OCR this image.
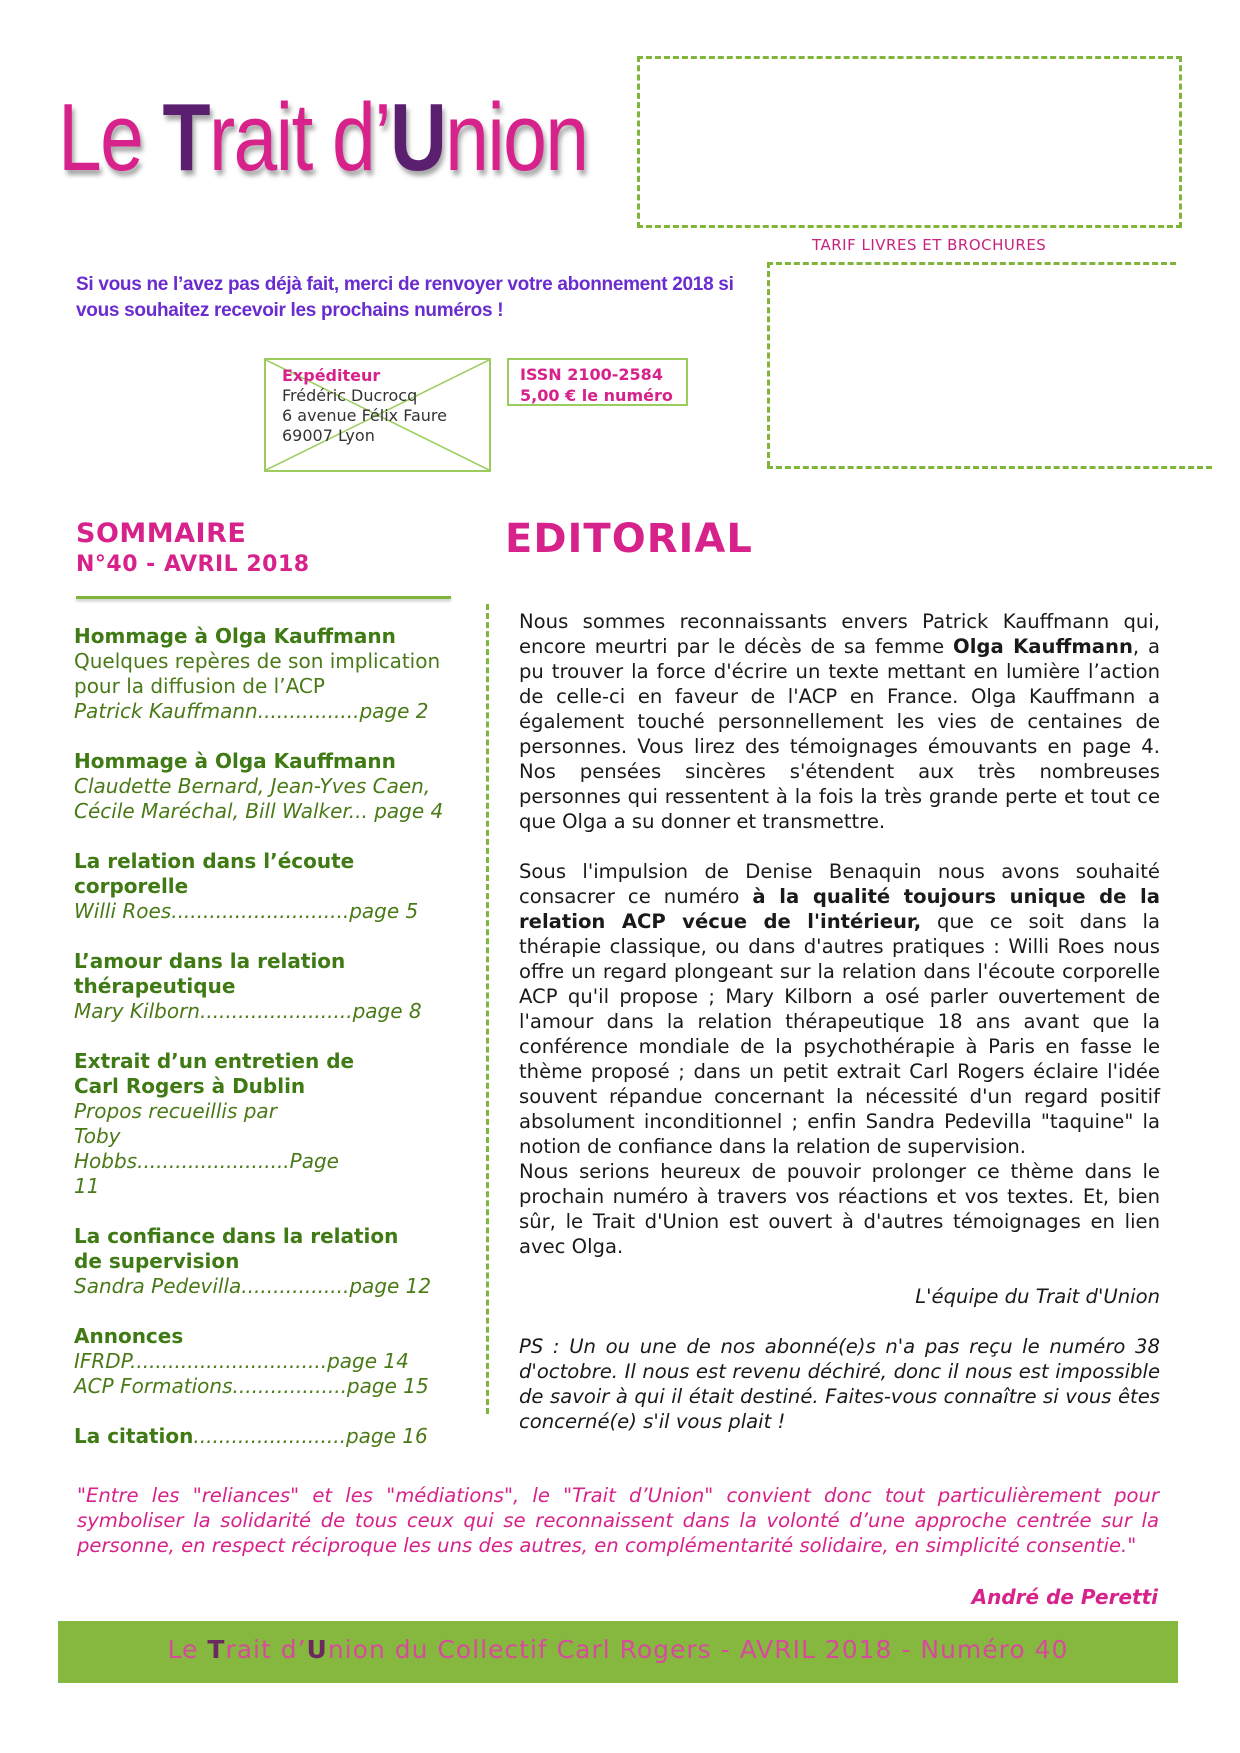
Le Trait d’Union
TARIF LIVRES ET BROCHURES
Si vous ne l’avez pas déjà fait, merci de renvoyer votre abonnement 2018 si vous souhaitez recevoir les prochains numéros !
Expéditeur
Frédéric Ducrocq
6 avenue Félix Faure
69007 Lyon
ISSN 2100-2584
5,00 € le numéro
SOMMAIRE
N°40 - AVRIL 2018
Hommage à Olga Kauffmann
Quelques repères de son implication pour la diffusion de l’ACP
Patrick Kauffmann................page 2
Hommage à Olga Kauffmann
Claudette Bernard, Jean-Yves Caen, Cécile Maréchal, Bill Walker... page 4
La relation dans l’écoute corporelle
Willi Roes............................page 5
L’amour dans la relation thérapeutique
Mary Kilborn........................page 8
Extrait d’un entretien de Carl Rogers à Dublin
Propos recueillis par Toby Hobbs........................Page 11
La confiance dans la relation de supervision
Sandra Pedevilla.................page 12
Annonces
IFRDP...............................page 14
ACP Formations..................page 15
La citation........................page 16
EDITORIAL

Nous sommes reconnaissants envers Patrick Kauffmann qui, encore meurtri par le décès de sa femme Olga Kauffmann, a pu trouver la force d'écrire un texte mettant en lumière l’action de celle-ci en faveur de l'ACP en France. Olga Kauffmann a également touché personnellement les vies de centaines de personnes. Vous lirez des témoignages émouvants en page 4. Nos pensées sincères s'étendent aux très nombreuses personnes qui ressentent à la fois la très grande perte et tout ce que Olga a su donner et transmettre.

Sous l'impulsion de Denise Benaquin nous avons souhaité consacrer ce numéro à la qualité toujours unique de la relation ACP vécue de l'intérieur, que ce soit dans la thérapie classique, ou dans d'autres pratiques : Willi Roes nous offre un regard plongeant sur la relation dans l'écoute corporelle ACP qu'il propose ; Mary Kilborn a osé parler ouvertement de l'amour dans la relation thérapeutique 18 ans avant que la conférence mondiale de la psychothérapie à Paris en fasse le thème proposé ; dans un petit extrait Carl Rogers éclaire l'idée souvent répandue concernant la nécessité d'un regard positif absolument inconditionnel ; enfin Sandra Pedevilla "taquine" la notion de confiance dans la relation de supervision.

Nous serions heureux de pouvoir prolonger ce thème dans le prochain numéro à travers vos réactions et vos textes. Et, bien sûr, le Trait d'Union est ouvert à d'autres témoignages en lien avec Olga.

L'équipe du Trait d'Union

PS : Un ou une de nos abonné(e)s n'a pas reçu le numéro 38 d'octobre. Il nous est revenu déchiré, donc il nous est impossible de savoir à qui il était destiné. Faites-vous connaître si vous êtes concerné(e) s'il vous plait !

"Entre les "reliances" et les "médiations", le "Trait d’Union" convient donc tout particulièrement pour symboliser la solidarité de tous ceux qui se reconnaissent dans la volonté d’une approche centrée sur la personne, en respect réciproque les uns des autres, en complémentarité solidaire, en simplicité consentie."
André de Peretti
Le Trait d’Union du Collectif Carl Rogers - AVRIL 2018 - Numéro 40
